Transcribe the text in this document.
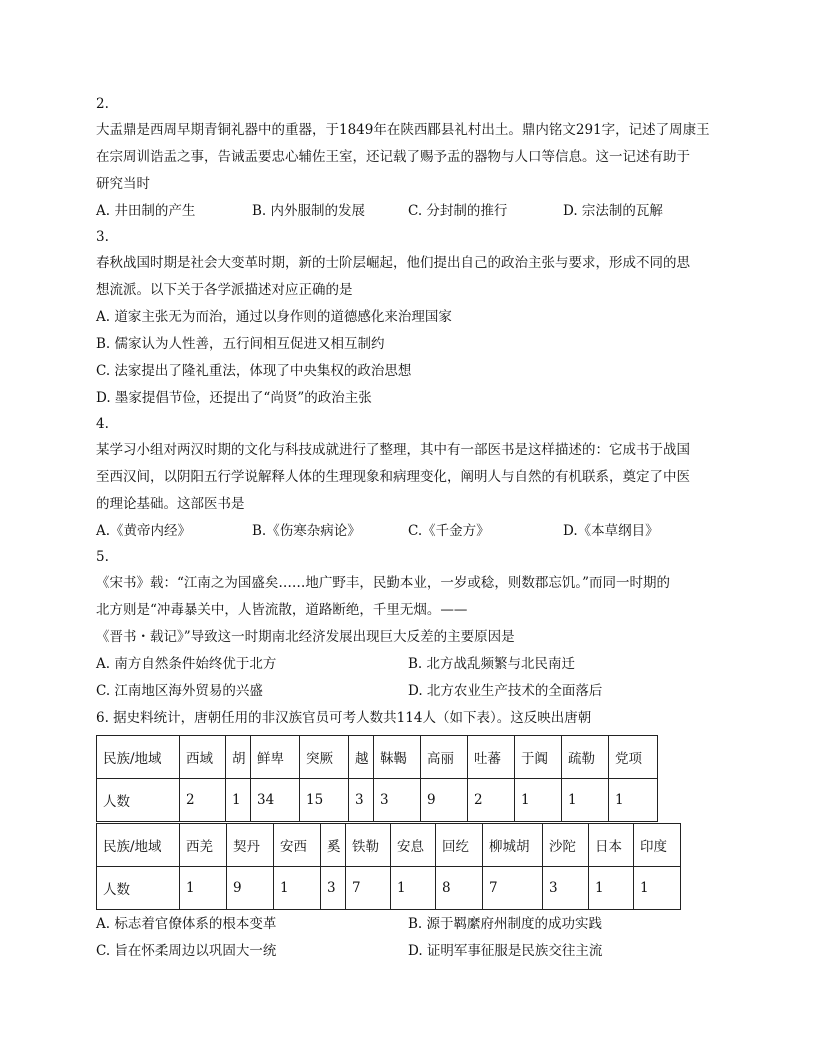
2.
大盂鼎是西周早期青铜礼器中的重器，于1849年在陕西郿县礼村出土。鼎内铭文291字，记述了周康王
在宗周训诰盂之事，告诫盂要忠心辅佐王室，还记载了赐予盂的器物与人口等信息。这一记述有助于
研究当时
A. 井田制的产生	B. 内外服制的发展	C. 分封制的推行	D. 宗法制的瓦解
3.
春秋战国时期是社会大变革时期，新的士阶层崛起，他们提出自己的政治主张与要求，形成不同的思
想流派。以下关于各学派描述对应正确的是
A. 道家主张无为而治，通过以身作则的道德感化来治理国家
B. 儒家认为人性善，五行间相互促进又相互制约
C. 法家提出了隆礼重法，体现了中央集权的政治思想
D. 墨家提倡节俭，还提出了“尚贤”的政治主张
4.
某学习小组对两汉时期的文化与科技成就进行了整理，其中有一部医书是这样描述的：它成书于战国
至西汉间，以阴阳五行学说解释人体的生理现象和病理变化，阐明人与自然的有机联系，奠定了中医
的理论基础。这部医书是
A.《黄帝内经》	B.《伤寒杂病论》	C.《千金方》	D.《本草纲目》
5.
《宋书》载：“江南之为国盛矣……地广野丰，民勤本业，一岁或稔，则数郡忘饥。”而同一时期的
北方则是“冲毒暴关中，人皆流散，道路断绝，千里无烟。——
《晋书・载记》”导致这一时期南北经济发展出现巨大反差的主要原因是
A. 南方自然条件始终优于北方	B. 北方战乱频繁与北民南迁
C. 江南地区海外贸易的兴盛	D. 北方农业生产技术的全面落后
6. 据史料统计，唐朝任用的非汉族官员可考人数共114人（如下表）。这反映出唐朝
民族/地域	西域	胡	鲜卑	突厥	越	靺鞨	高丽	吐蕃	于阗	疏勒	党项
人数	2	1	34	15	3	3	9	2	1	1	1
民族/地域	西羌	契丹	安西	奚	铁勒	安息	回纥	柳城胡	沙陀	日本	印度
人数	1	9	1	3	7	1	8	7	3	1	1
A. 标志着官僚体系的根本变革	B. 源于羁縻府州制度的成功实践
C. 旨在怀柔周边以巩固大一统	D. 证明军事征服是民族交往主流
